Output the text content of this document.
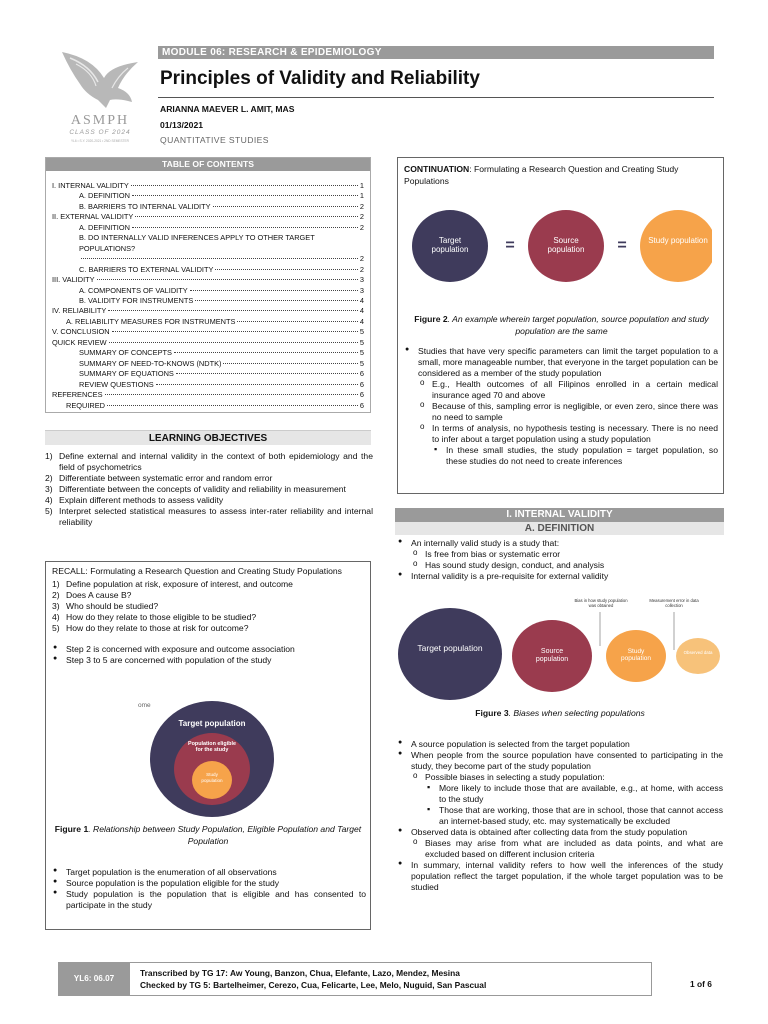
ASMPH
CLASS OF 2024
YL6 • S.Y. 2020-2021 • 2ND SEMESTER
MODULE 06: RESEARCH & EPIDEMIOLOGY
Principles of Validity and Reliability
ARIANNA MAEVER L. AMIT, MAS
01/13/2021
QUANTITATIVE STUDIES
TABLE OF CONTENTS
I. INTERNAL VALIDITY	1
A. DEFINITION	1
B. BARRIERS TO INTERNAL VALIDITY	2
II. EXTERNAL VALIDITY	2
A. DEFINITION	2
B. DO INTERNALLY VALID INFERENCES APPLY TO OTHER TARGET POPULATIONS?
2
C. BARRIERS TO EXTERNAL VALIDITY	2
III. VALIDITY	3
A. COMPONENTS OF VALIDITY	3
B. VALIDITY FOR INSTRUMENTS	4
IV. RELIABILITY	4
A. RELIABILITY MEASURES FOR INSTRUMENTS	4
V. CONCLUSION	5
QUICK REVIEW	5
SUMMARY OF CONCEPTS	5
SUMMARY OF NEED-TO-KNOWS (NDTK)	5
SUMMARY OF EQUATIONS	6
REVIEW QUESTIONS	6
REFERENCES	6
REQUIRED	6
LEARNING OBJECTIVES
1) Define external and internal validity in the context of both epidemiology and the field of psychometrics
2) Differentiate between systematic error and random error
3) Differentiate between the concepts of validity and reliability in measurement
4) Explain different methods to assess validity
5) Interpret selected statistical measures to assess inter-rater reliability and internal reliability
RECALL: Formulating a Research Question and Creating Study Populations
1) Define population at risk, exposure of interest, and outcome
2) Does A cause B?
3) Who should be studied?
4) How do they relate to those eligible to be studied?
5) How do they relate to those at risk for outcome?
● Step 2 is concerned with exposure and outcome association
● Step 3 to 5 are concerned with population of the study
ome
Target population
Population eligible for the study
Study population
Figure 1. Relationship between Study Population, Eligible Population and Target Population
● Target population is the enumeration of all observations
● Source population is the population eligible for the study
● Study population is the population that is eligible and has consented to participate in the study
CONTINUATION: Formulating a Research Question and Creating Study Populations
Target population	=	Source population	=	Study population
Figure 2. An example wherein target population, source population and study population are the same
● Studies that have very specific parameters can limit the target population to a small, more manageable number, that everyone in the target population can be considered as a member of the study population
o E.g., Health outcomes of all Filipinos enrolled in a certain medical insurance aged 70 and above
o Because of this, sampling error is negligible, or even zero, since there was no need to sample
o In terms of analysis, no hypothesis testing is necessary. There is no need to infer about a target population using a study population
▪ In these small studies, the study population = target population, so these studies do not need to create inferences
I. INTERNAL VALIDITY
A. DEFINITION
● An internally valid study is a study that:
o Is free from bias or systematic error
o Has sound study design, conduct, and analysis
● Internal validity is a pre-requisite for external validity
Bias in how study population was obtained
Measurement error in data collection
Target population	Source population
Study population
Observed data
Figure 3. Biases when selecting populations
● A source population is selected from the target population
● When people from the source population have consented to participating in the study, they become part of the study population
o Possible biases in selecting a study population:
▪ More likely to include those that are available, e.g., at home, with access to the study
▪ Those that are working, those that are in school, those that cannot access an internet-based study, etc. may systematically be excluded
● Observed data is obtained after collecting data from the study population
o Biases may arise from what are included as data points, and what are excluded based on different inclusion criteria
● In summary, internal validity refers to how well the inferences of the study population reflect the target population, if the whole target population was to be studied
YL6: 06.07
Transcribed by TG 17: Aw Young, Banzon, Chua, Elefante, Lazo, Mendez, Mesina
Checked by TG 5: Bartelheimer, Cerezo, Cua, Felicarte, Lee, Melo, Nuguid, San Pascual	1 of 6
